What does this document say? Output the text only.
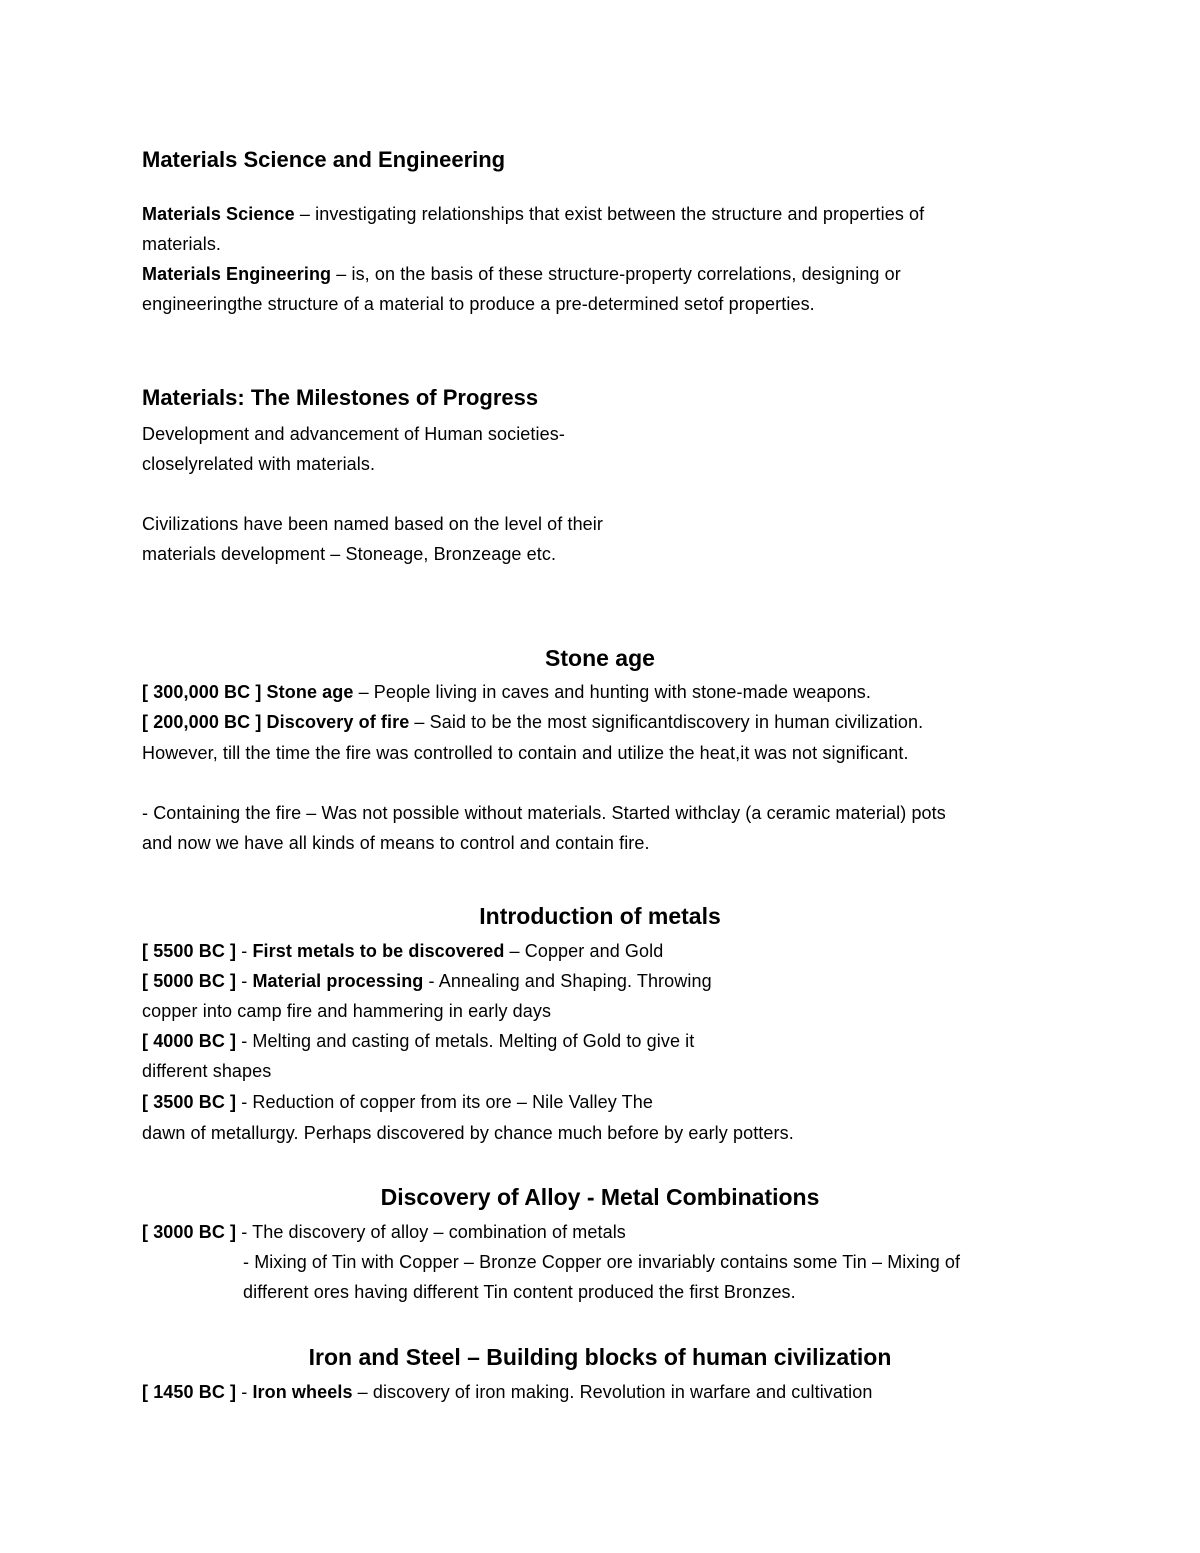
Materials Science and Engineering
Materials Science – investigating relationships that exist between the structure and properties of
materials.
Materials Engineering – is, on the basis of these structure-property correlations, designing or
engineeringthe structure of a material to produce a pre-determined setof properties.
Materials: The Milestones of Progress
Development and advancement of Human societies-
closelyrelated with materials.
Civilizations have been named based on the level of their
materials development – Stoneage, Bronzeage etc.
Stone age
[ 300,000 BC ] Stone age – People living in caves and hunting with stone-made weapons.
[ 200,000 BC ] Discovery of fire – Said to be the most significantdiscovery in human civilization.
However, till the time the fire was controlled to contain and utilize the heat,it was not significant.
- Containing the fire – Was not possible without materials. Started withclay (a ceramic material) pots
and now we have all kinds of means to control and contain fire.
Introduction of metals
[ 5500 BC ] - First metals to be discovered – Copper and Gold
[ 5000 BC ] - Material processing - Annealing and Shaping. Throwing
copper into camp fire and hammering in early days
[ 4000 BC ] - Melting and casting of metals. Melting of Gold to give it
different shapes
[ 3500 BC ] - Reduction of copper from its ore – Nile Valley The
dawn of metallurgy. Perhaps discovered by chance much before by early potters.
Discovery of Alloy - Metal Combinations
[ 3000 BC ] - The discovery of alloy – combination of metals
- Mixing of Tin with Copper – Bronze Copper ore invariably contains some Tin – Mixing of
different ores having different Tin content produced the first Bronzes.
Iron and Steel – Building blocks of human civilization
[ 1450 BC ] - Iron wheels – discovery of iron making. Revolution in warfare and cultivation
